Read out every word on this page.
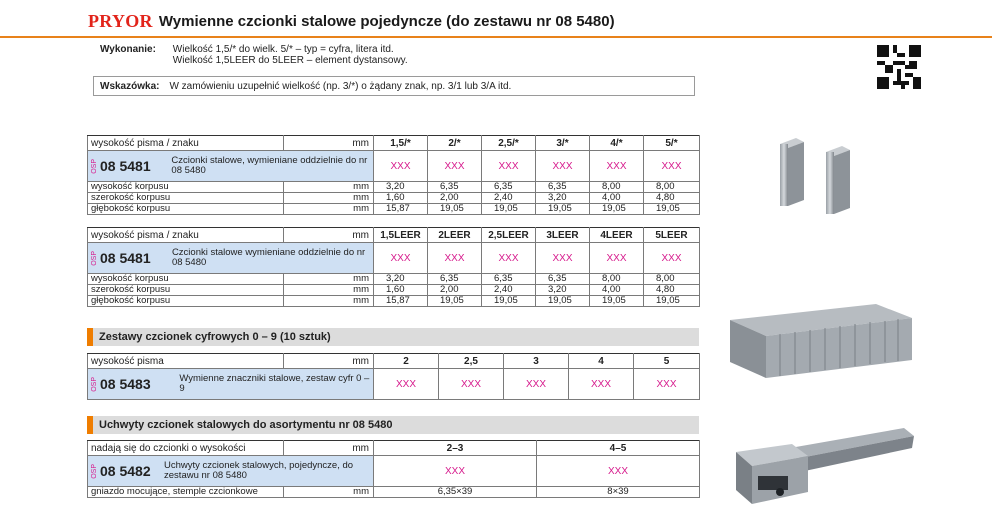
PRYOR Wymienne czcionki stalowe pojedyncze (do zestawu nr 08 5480)
Wykonanie: Wielkość 1,5/* do wielk. 5/* – typ = cyfra, litera itd.
Wielkość 1,5LEER do 5LEER – element dystansowy.
Wskazówka: W zamówieniu uzupełnić wielkość (np. 3/*) o żądany znak, np. 3/1 lub 3/A itd.
wysokość pisma / znaku	mm	1,5/*	2/*	2,5/*	3/*	4/*	5/*

OSP 08 5481 Czcionki stalowe, wymieniane oddzielnie do nr 08 5480		XXX	XXX	XXX	XXX	XXX	XXX
wysokość korpusu	mm	3,20	6,35	6,35	6,35	8,00	8,00
szerokość korpusu	mm	1,60	2,00	2,40	3,20	4,00	4,80
głębokość korpusu	mm	15,87	19,05	19,05	19,05	19,05	19,05
wysokość pisma / znaku	mm	1,5LEER	2LEER	2,5LEER	3LEER	4LEER	5LEER

OSP 08 5481 Czcionki stalowe wymieniane oddzielnie do nr 08 5480		XXX	XXX	XXX	XXX	XXX	XXX
wysokość korpusu	mm	3,20	6,35	6,35	6,35	8,00	8,00
szerokość korpusu	mm	1,60	2,00	2,40	3,20	4,00	4,80
głębokość korpusu	mm	15,87	19,05	19,05	19,05	19,05	19,05
Zestawy czcionek cyfrowych 0 – 9 (10 sztuk)
wysokość pisma	mm	2	2,5	3	4	5

OSP 08 5483 Wymienne znaczniki stalowe, zestaw cyfr 0 – 9		XXX	XXX	XXX	XXX	XXX
Uchwyty czcionek stalowych do asortymentu nr 08 5480
nadają się do czcionki o wysokości	mm	2–3	4–5

OSP 08 5482 Uchwyty czcionek stalowych, pojedyncze, do zestawu nr 08 5480		XXX	XXX
gniazdo mocujące, stemple czcionkowe	mm	6,35×39	8×39
